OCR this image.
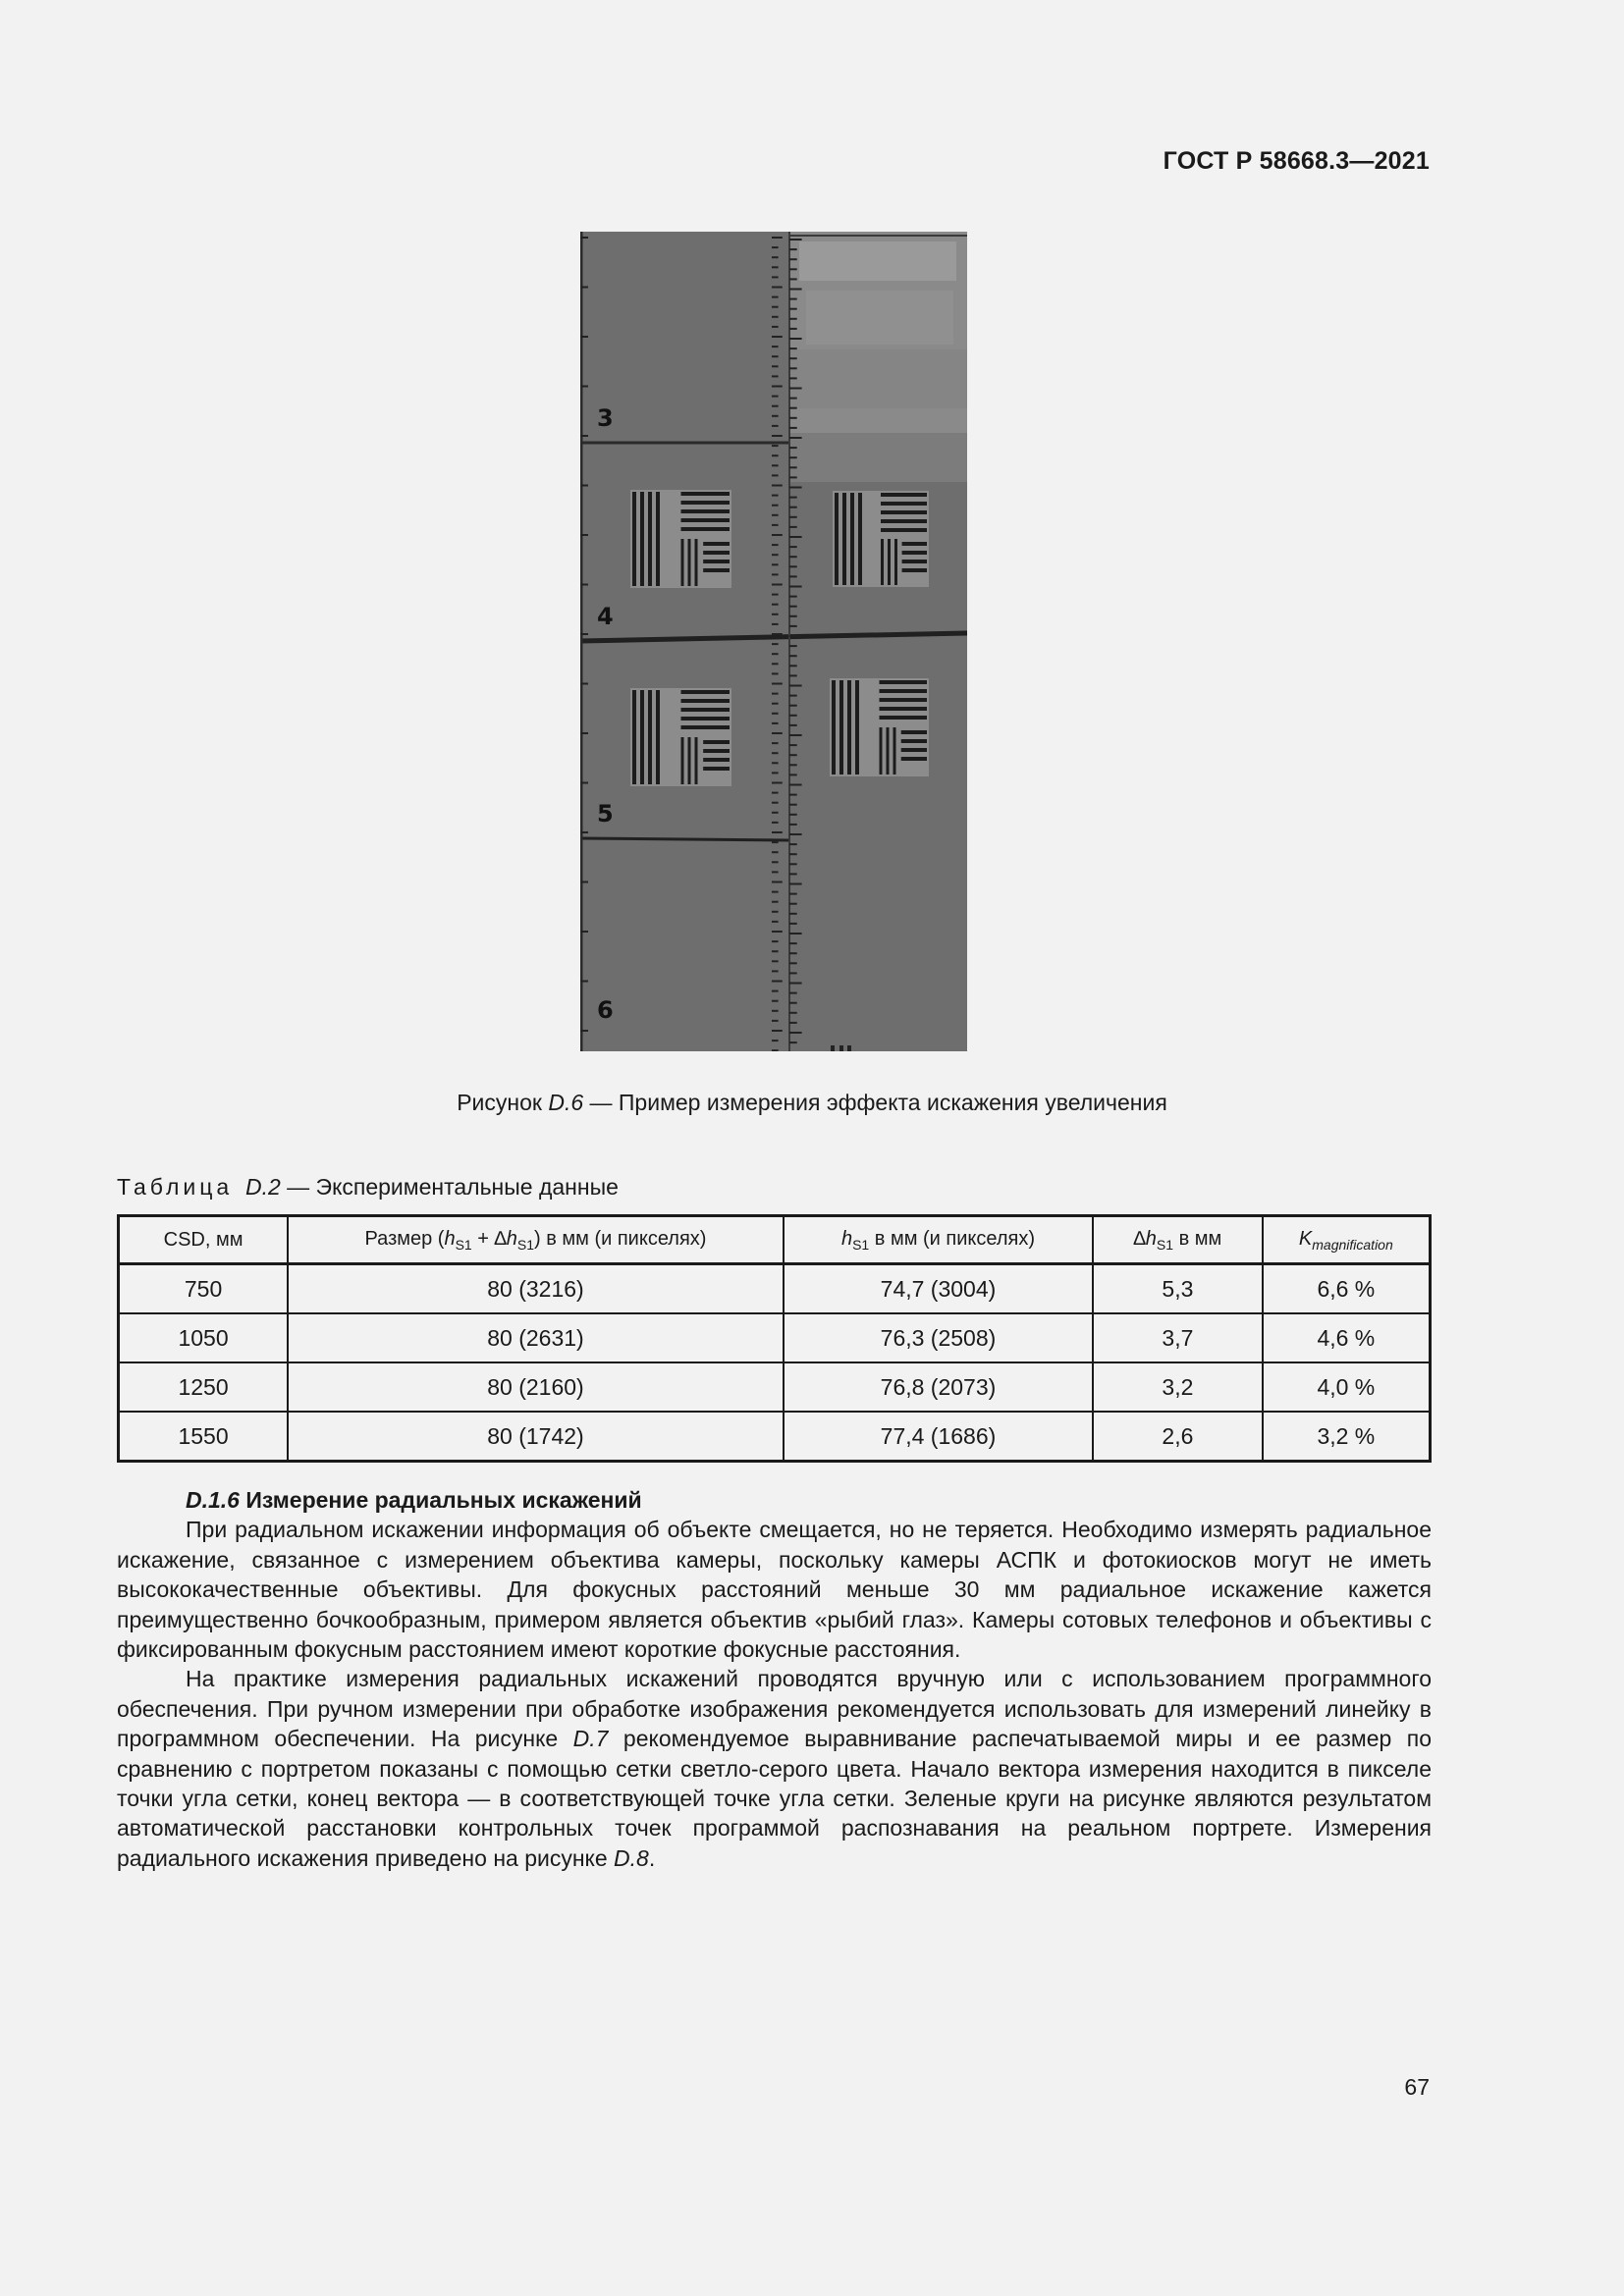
ГОСТ Р 58668.3—2021
3
4
5
6
Рисунок D.6 — Пример измерения эффекта искажения увеличения
Таблица D.2 — Экспериментальные данные
CSD, мм	Размер $(h_{S1} + \Delta h_{S1})$ в мм (и пикселях)	$h_{S1}$ в мм (и пикселях)	$\Delta h_{S1}$ в мм	$K_{magnification}$
750	80 (3216)	74,7 (3004)	5,3	6,6 %
1050	80 (2631)	76,3 (2508)	3,7	4,6 %
1250	80 (2160)	76,8 (2073)	3,2	4,0 %
1550	80 (1742)	77,4 (1686)	2,6	3,2 %
D.1.6 Измерение радиальных искажений

При радиальном искажении информация об объекте смещается, но не теряется. Необходимо измерять радиальное искажение, связанное с измерением объектива камеры, поскольку камеры АСПК и фотокиосков могут не иметь высококачественные объективы. Для фокусных расстояний меньше 30 мм радиальное искажение кажется преимущественно бочкообразным, примером является объектив «рыбий глаз». Камеры сотовых телефонов и объективы с фиксированным фокусным расстоянием имеют короткие фокусные расстояния.

На практике измерения радиальных искажений проводятся вручную или с использованием программного обеспечения. При ручном измерении при обработке изображения рекомендуется использовать для измерений линейку в программном обеспечении. На рисунке D.7 рекомендуемое выравнивание распечатываемой миры и ее размер по сравнению с портретом показаны с помощью сетки светло-серого цвета. Начало вектора измерения находится в пикселе точки угла сетки, конец вектора — в соответствующей точке угла сетки. Зеленые круги на рисунке являются результатом автоматической расстановки контрольных точек программой распознавания на реальном портрете. Измерения радиального искажения приведено на рисунке D.8.

67
